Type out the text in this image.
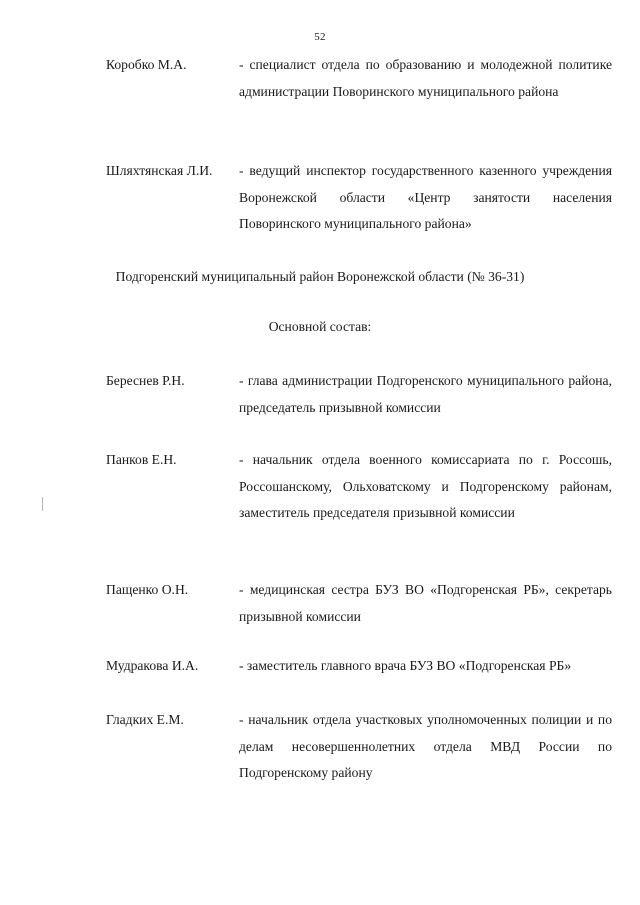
52
Коробко М.А.	- специалист отдела по образованию и молодежной политике администрации Поворинского муниципального района
Шляхтянская Л.И. - ведущий инспектор государственного казенного учреждения Воронежской области «Центр занятости населения Поворинского муниципального района»
Подгоренский муниципальный район Воронежской области (№ 36-31)
Основной состав:
Береснев Р.Н.	- глава администрации Подгоренского муниципального района, председатель призывной комиссии
Панков Е.Н.	- начальник отдела военного комиссариата по г. Россошь, Россошанскому, Ольховатскому и Подгоренскому районам, заместитель председателя призывной комиссии
Пащенко О.Н.	- медицинская сестра БУЗ ВО «Подгоренская РБ», секретарь призывной комиссии
Мудракова И.А.	- заместитель главного врача БУЗ ВО «Подгоренская РБ»
Гладких Е.М.	- начальник отдела участковых уполномоченных полиции и по делам несовершеннолетних отдела МВД России по Подгоренскому району
